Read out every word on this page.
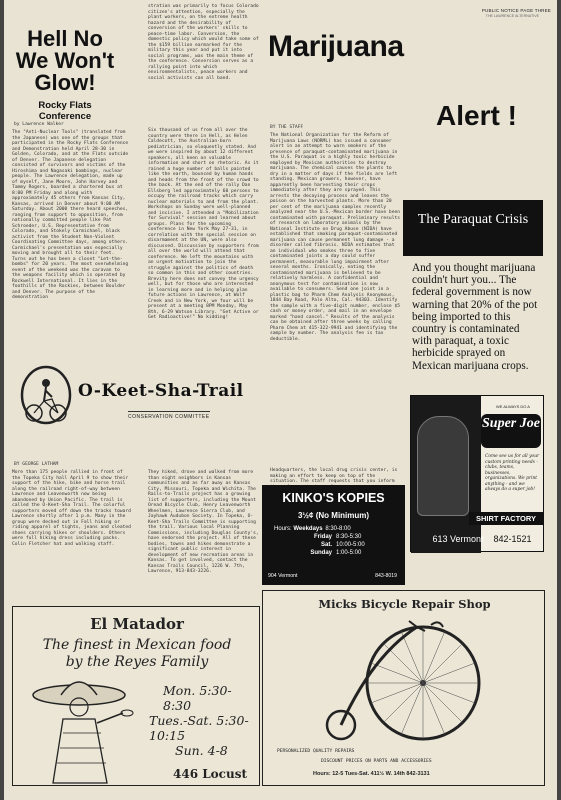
PUBLIC NOTICE PAGE THREE
THE LAWRENCE ALTERNATIVE
Hell No
We Won't
Glow!
Rocky Flats Conference
by Lawrence Walker
The "Anti-Nuclear Tools" (translated from the Japanese) was one of the groups that participated in the Rocky Flats Conference and Demonstration held April 28-30 in Golden, Colorado, and at the Flats outside of Denver. The Japanese delegation consisted of survivors and victims of the Hiroshima and Nagasaki bombings, nuclear people. The Lawrence delegation, made up of myself, Jane Moore, John Harvey and Tammy Rogers, boarded a chartered bus at 8:00 PM Friday and along with approximately 45 others from Kansas City, Kansas, arrived in Denver about 9:00 AM Saturday. About 2000 there heard speeches, ranging from support to opposition, from nationally committed people like Pat Schroeder, U.S. Representative from Colorado, and Stokely Carmichael, black activist from the Student Non-Violent Coordinating Committee days, among others. Carmichael's presentation was especially moving and brought all to their feet. Turns out he has been a closet "Let-the-bombs" for 20 years. The most overwhelming event of the weekend was the caravan to the weapons facility which is operated by Rockwell International. It lies in the foothills of the Rockies, between Boulder and Denver. The purpose of the demonstration
stration was primarily to focus Colorado citizen's attention, especially the plant workers, on the extreme health hazard and the desirability of conversion of the workers' skills to peace-time labor. Conversion, the domestic policy which would take some of the $159 billion earmarked for the military this year and put it into social programs, was the main theme of the conference. Conversion serves as a rallying point into which environmentalists, peace workers and social activists can all band.
Six thousand of us from all over the country were there in Hell, as Helen Caldecott, the Australian-born pediatrician, so eloquently stated. And we were inspired by about 12 different speakers, all keen on valuable information and short on rhetoric. As it rained a huge number of balls painted like the earth, bounced by human hands and heads from the front of the crowd to the back. At the end of the rally Dan Ellsberg led approximately 60 persons to occupy the railroad tracks which carry nuclear materials to and from the plant. Workshops on Sunday were well-planned and incisive. I attended a "Mobilization for Survival" session and learned about groups. Plans for the upcoming conference in New York May 27-31, in correlation with the special session on disarmament at the UN, were also discussed. Discussion by supporters from all over the world will attend that conference. We left the mountains with an urgent motivation to join the struggle against the politics of death so common in this and other countries. Brevity here does not convey the urgency well, but for those who are interested in learning more and in helping plan future actions in Lawrence, at Wolf Creek and in New York, we four will be present at a meeting 8PM Monday, May 8th, 6-29 Watson Library. "Get Active or Get Radioactive!" No kidding!
O-Keet-Sha-Trail
CONSERVATION COMMITTEE
BY GEORGE LATHAM
More than 175 people rallied in front of the Topeka City hall April 9 to show their support of the hike, bike and horse trail along the railroad right-of-way between Lawrence and Leavenworth now being abandoned by Union Pacific. The trail is called the O-Keet-Sha Trail. The colorful supporters moved off down the tracks toward Lawrence shortly after 1 p.m. Many in the group were decked out in Fall hiking or riding apparel of tights, jeans and cleated shoes carrying hikes or shoulders. Others were full hiking dress including packs. Colin Fletcher hat and walking staff.
They hiked, drove and walked from more than eight neighbors in Kansas communities and as far away as Kansas City, Missouri, Topeka and Wichita. The Rails-to-Trails project has a growing list of supporters, including the Mount Oread Bicycle Club, Henry Leavenworth Wheelmen, Lawrence Sierra Club, and Jayhawk Audubon Society. In Topeka, O-Keet-Sha Trails Committee is supporting the trail. Various local Planning Commissions, including Douglas County's, have endorsed the project. All of these bodies, towns and hikes demonstrate a significant public interest in development of new recreation areas in Kansas. To get involved, contact the Kansas Trails Council, 1226 W. 7th, Lawrence, 913-843-3226.
Marijuana
Alert !
BY THE STAFF
The National Organization for the Reform of Marijuana Laws (NORML) has issued a consumer alert in an attempt to warn smokers of the presence of paraquat-contaminated marijuana in the U.S. Paraquat is a highly toxic herbicide employed by Mexican authorities to destroy marijuana. The chemical causes the plants to dry in a matter of days if the fields are left standing. Mexican growers, however, have apparently been harvesting their crops immediately after they are sprayed. This arrests the decaying process and leaves the poison on the harvested plants. More than 20 per cent of the marijuana samples recently analyzed near the U.S.-Mexican border have been contaminated with paraquat. Preliminary results of research on laboratory animals by the National Institute on Drug Abuse (NIDA) have established that smoking paraquat-contaminated marijuana can cause permanent lung damage - a disorder called fibrosis. NIDA estimates that an individual who smokes three to five contaminated joints a day could suffer permanent, measurable lung impairment after several months. Ironically, eating the contaminated marijuana is believed to be relatively harmless. A confidential and anonymous test for contamination is now available to consumers. Send one joint in a plastic bag to Pharm Chem Analysis Anonymous, 1844 Bay Road, Palo Alto, Cal. 94303. Identify the sample with a five-digit number, enclose $5 cash or money order, and mail in an envelope marked "hand cancel." Results of the analysis can be obtained after three weeks by calling Pharm Chem at 415-322-9941 and identifying the sample by number. The analysis fee is tax deductible.
Headquarters, the local drug crisis center, is making an effort to keep on top of the situation. The staff requests that you inform
The Paraquat Crisis
And you thought marijuana couldn't hurt you... The federal government is now warning that 20% of the pot being imported to this country is contaminated with paraquat, a toxic herbicide sprayed on Mexican marijuana crops.
WE ALWAYS DO A
Super Joe
Come see us for all your custom printing needs - clubs, teams, businesses, organizations. We print anything - and we always do a super job!
SHIRT FACTORY
613 Vermont 842-1521
KINKO'S KOPIES
3½¢ (No Minimum)
Hours: Weekdays 8:30-8:00
Friday 8:30-5:30
Sat. 10:00-5:00
Sunday 1:00-5:00
904 Vermont	843-8019
Micks Bicycle Repair Shop
PERSONALIZED QUALITY REPAIRS
DISCOUNT PRICES ON PARTS AND ACCESSORIES
Hours: 12-5 Tues-Sat. 411½ W. 14th 842-3131
El Matador
The finest in Mexican food
by the Reyes Family
Mon. 5:30-8:30
Tues.-Sat. 5:30-10:15
Sun. 4-8
446 Locust
